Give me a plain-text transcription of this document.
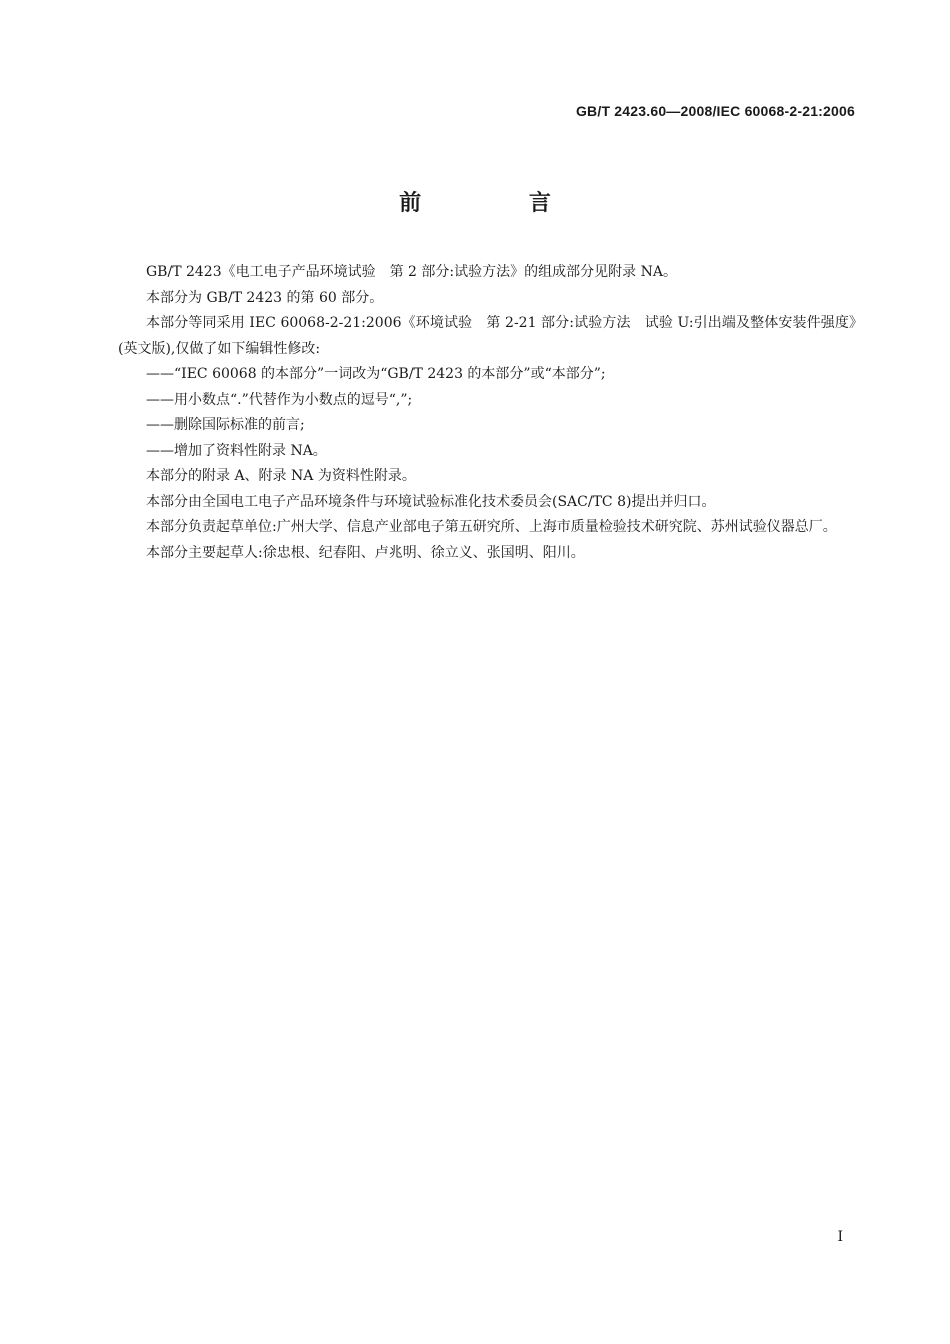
GB/T 2423.60—2008/IEC 60068-2-21:2006
前 言

GB/T 2423《电工电子产品环境试验　第 2 部分:试验方法》的组成部分见附录 NA。

本部分为 GB/T 2423 的第 60 部分。

本部分等同采用 IEC 60068-2-21:2006《环境试验　第 2-21 部分:试验方法　试验 U:引出端及整体安装件强度》(英文版),仅做了如下编辑性修改:

——“IEC 60068 的本部分”一词改为“GB/T 2423 的本部分”或“本部分”;

——用小数点“.”代替作为小数点的逗号“,”;

——删除国际标准的前言;

——增加了资料性附录 NA。

本部分的附录 A、附录 NA 为资料性附录。

本部分由全国电工电子产品环境条件与环境试验标准化技术委员会(SAC/TC 8)提出并归口。

本部分负责起草单位:广州大学、信息产业部电子第五研究所、上海市质量检验技术研究院、苏州试验仪器总厂。

本部分主要起草人:徐忠根、纪春阳、卢兆明、徐立义、张国明、阳川。

I
